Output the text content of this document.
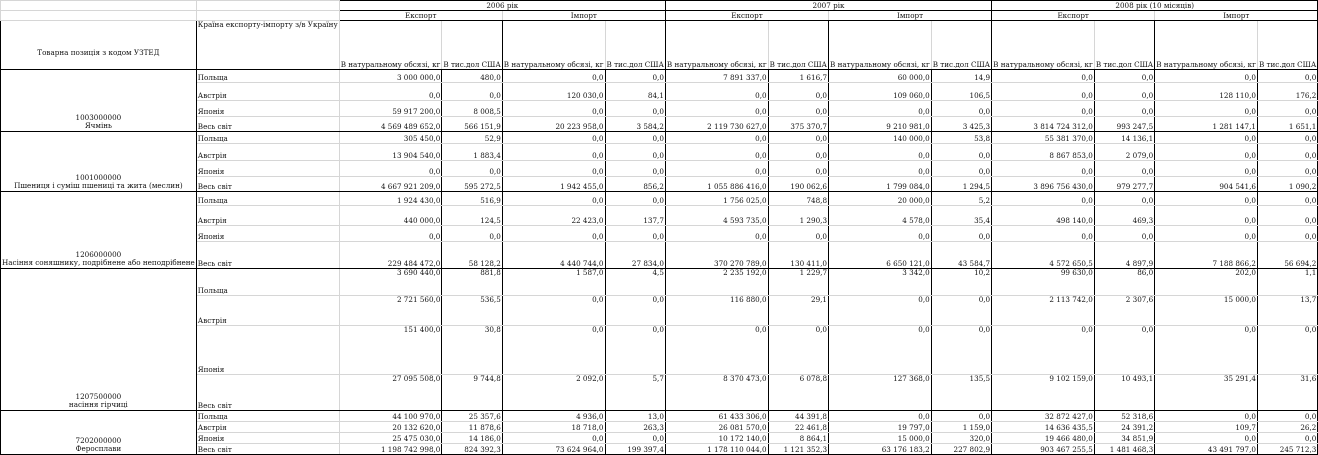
		2006 рік				2007 рік				2008 рік (10 місяців)			
		Експорт		Імпорт		Експорт		Імпорт		Експорт		Імпорт	
Товарна позиція з кодом УЗТЕД	Країна експорту-імпорту з/в Україну	В натуральному обсязі, кг	В тис.дол США	В натуральному обсязі, кг	В тис.дол США	В натуральному обсязі, кг	В тис.дол США	В натуральному обсязі, кг	В тис.дол США	В натуральному обсязі, кг	В тис.дол США	В натуральному обсязі, кг	В тис.дол США

1003000000
Ячмінь	Польща	3 000 000,0	480,0	0,0	0,0	7 891 337,0	1 616,7	60 000,0	14,9	0,0	0,0	0,0	0,0
	Австрія	0,0	0,0	120 030,0	84,1	0,0	0,0	109 060,0	106,5	0,0	0,0	128 110,0	176,2
	Японія	59 917 200,0	8 008,5	0,0	0,0	0,0	0,0	0,0	0,0	0,0	0,0	0,0	0,0
	Весь світ	4 569 489 652,0	566 151,9	20 223 958,0	3 584,2	2 119 730 627,0	375 370,7	9 210 981,0	3 425,3	3 814 724 312,0	993 247,5	1 281 147,1	1 651,1

1001000000
Пшениця і суміш пшениці та жита (меслин)	Польща	305 450,0	52,9	0,0	0,0	0,0	0,0	140 000,0	53,8	55 381 370,0	14 136,1	0,0	0,0
	Австрія	13 904 540,0	1 883,4	0,0	0,0	0,0	0,0	0,0	0,0	8 867 853,0	2 079,0	0,0	0,0
	Японія	0,0	0,0	0,0	0,0	0,0	0,0	0,0	0,0	0,0	0,0	0,0	0,0
	Весь світ	4 667 921 209,0	595 272,5	1 942 455,0	856,2	1 055 886 416,0	190 062,6	1 799 084,0	1 294,5	3 896 756 430,0	979 277,7	904 541,6	1 090,2

1206000000
Насіння соняшнику, подрібнене або неподрібнене	Польща	1 924 430,0	516,9	0,0	0,0	1 756 025,0	748,8	20 000,0	5,2	0,0	0,0	0,0	0,0
	Австрія	440 000,0	124,5	22 423,0	137,7	4 593 735,0	1 290,3	4 578,0	35,4	498 140,0	469,3	0,0	0,0
	Японія	0,0	0,0	0,0	0,0	0,0	0,0	0,0	0,0	0,0	0,0	0,0	0,0
	Весь світ	229 484 472,0	58 128,2	4 440 744,0	27 834,0	370 270 789,0	130 411,0	6 650 121,0	43 584,7	4 572 650,5	4 897,9	7 188 866,2	56 694,2

1207500000
насіння гірчиці	Польща	3 690 440,0	881,8	1 587,0	4,5	2 235 192,0	1 229,7	3 342,0	10,2	99 630,0	86,0	202,0	1,1
	Австрія	2 721 560,0	536,5	0,0	0,0	116 880,0	29,1	0,0	0,0	2 113 742,0	2 307,6	15 000,0	13,7
	Японія	151 400,0	30,8	0,0	0,0	0,0	0,0	0,0	0,0	0,0	0,0	0,0	0,0
	Весь світ	27 095 508,0	9 744,8	2 092,0	5,7	8 370 473,0	6 078,8	127 368,0	135,5	9 102 159,0	10 493,1	35 291,4	31,6

7202000000
Феросплави	Польща	44 100 970,0	25 357,6	4 936,0	13,0	61 433 306,0	44 391,8	0,0	0,0	32 872 427,0	52 318,6	0,0	0,0
	Австрія	20 132 620,0	11 878,6	18 718,0	263,3	26 081 570,0	22 461,8	19 797,0	1 159,0	14 636 435,5	24 391,2	109,7	26,2
	Японія	25 475 030,0	14 186,0	0,0	0,0	10 172 140,0	8 864,1	15 000,0	320,0	19 466 480,0	34 851,9	0,0	0,0
	Весь світ	1 198 742 998,0	824 392,3	73 624 964,0	199 397,4	1 178 110 044,0	1 121 352,3	63 176 183,2	227 802,9	903 467 255,5	1 481 468,3	43 491 797,0	245 712,3
